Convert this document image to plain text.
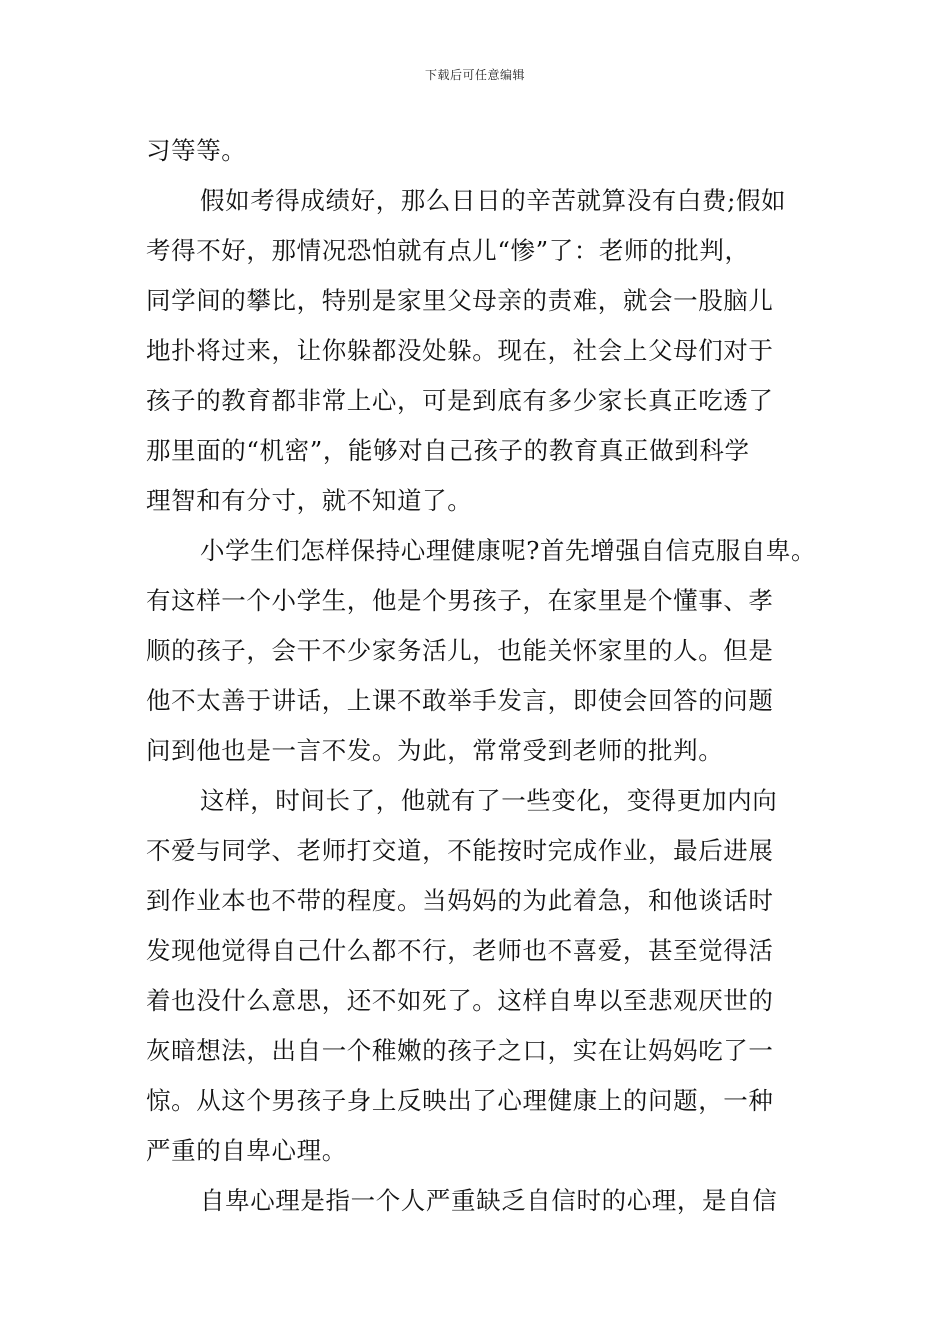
下载后可任意编辑
习等等。
假如考得成绩好，那么日日的辛苦就算没有白费;假如
考得不好，那情况恐怕就有点儿“惨”了：老师的批判，
同学间的攀比，特别是家里父母亲的责难，就会一股脑儿
地扑将过来，让你躲都没处躲。现在，社会上父母们对于
孩子的教育都非常上心，可是到底有多少家长真正吃透了
那里面的“机密”，能够对自己孩子的教育真正做到科学
理智和有分寸，就不知道了。
小学生们怎样保持心理健康呢?首先增强自信克服自卑。
有这样一个小学生，他是个男孩子，在家里是个懂事、孝
顺的孩子，会干不少家务活儿，也能关怀家里的人。但是
他不太善于讲话，上课不敢举手发言，即使会回答的问题
问到他也是一言不发。为此，常常受到老师的批判。
这样，时间长了，他就有了一些变化，变得更加内向
不爱与同学、老师打交道，不能按时完成作业，最后进展
到作业本也不带的程度。当妈妈的为此着急，和他谈话时
发现他觉得自己什么都不行，老师也不喜爱，甚至觉得活
着也没什么意思，还不如死了。这样自卑以至悲观厌世的
灰暗想法，出自一个稚嫩的孩子之口，实在让妈妈吃了一
惊。从这个男孩子身上反映出了心理健康上的问题，一种
严重的自卑心理。
自卑心理是指一个人严重缺乏自信时的心理，是自信
